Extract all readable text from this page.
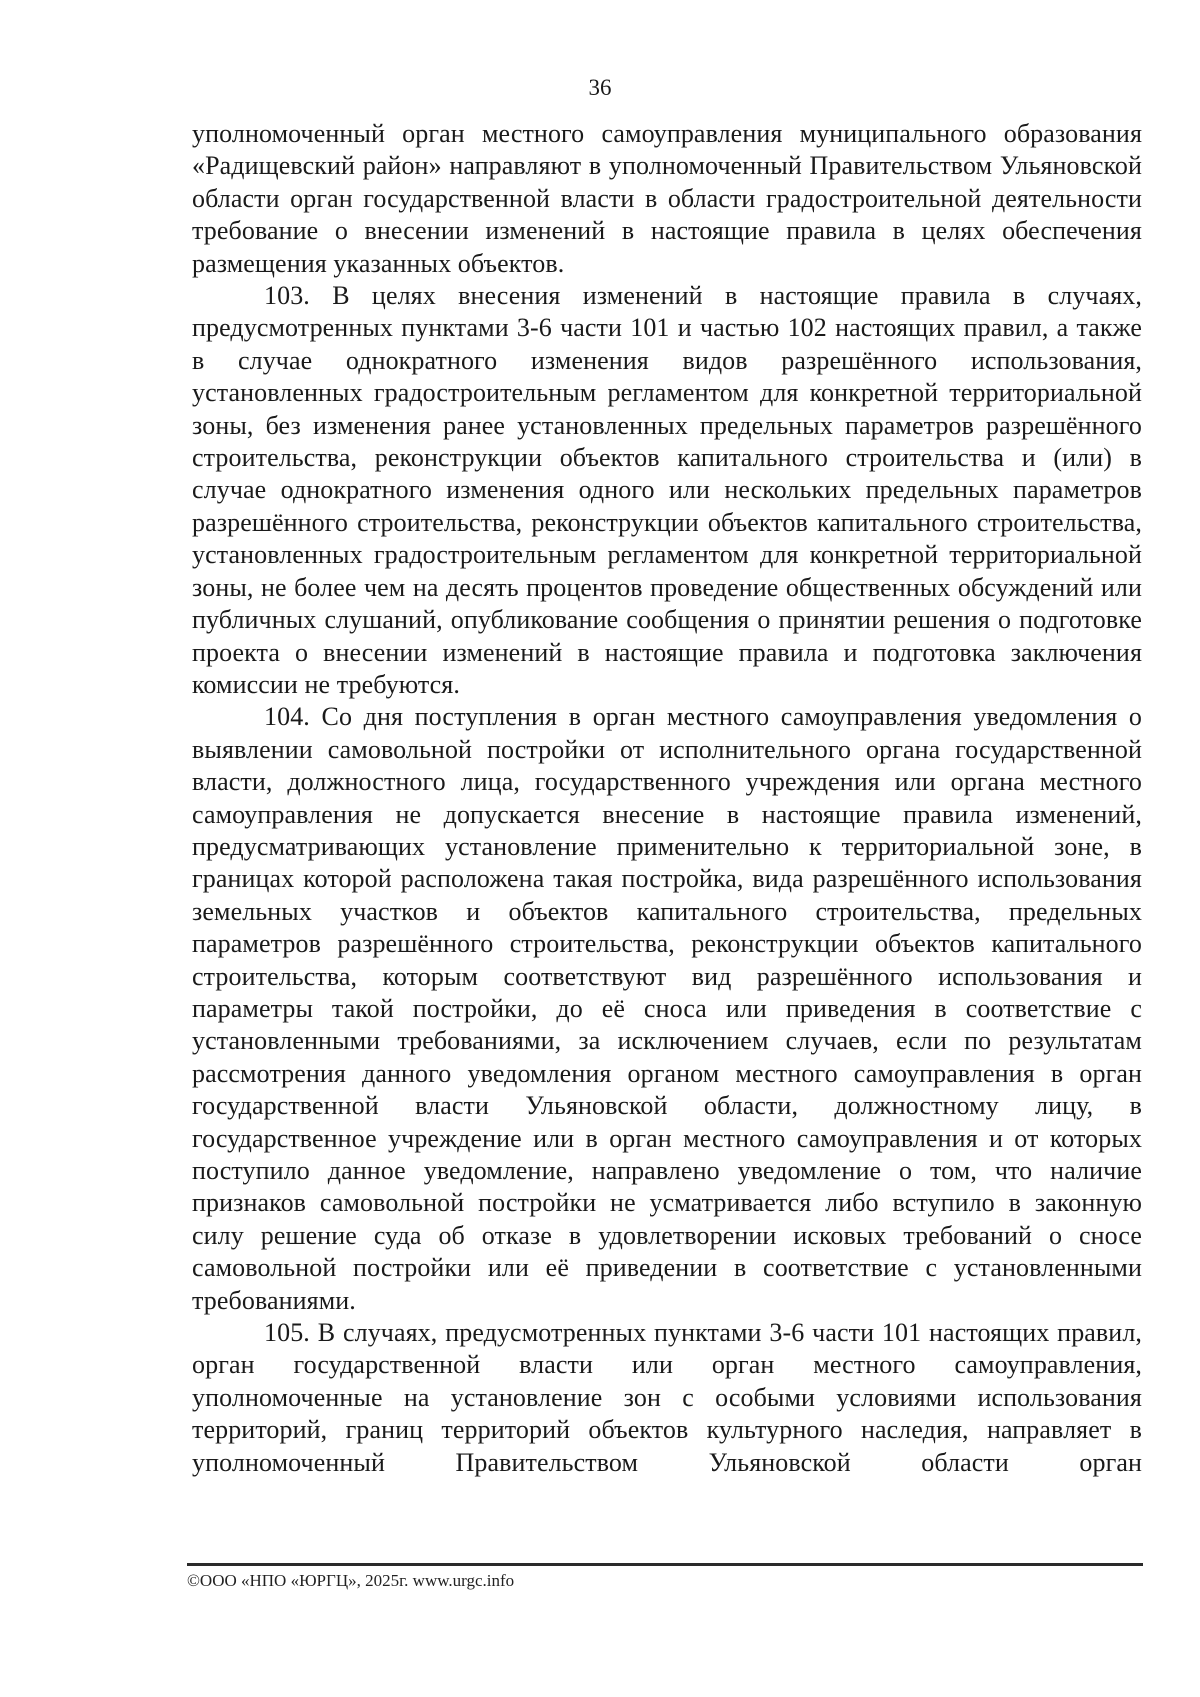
36

уполномоченный орган местного самоуправления муниципального образования «Радищевский район» направляют в уполномоченный Правительством Ульяновской области орган государственной власти в области градостроительной деятельности требование о внесении изменений в настоящие правила в целях обеспечения размещения указанных объектов.

103. В целях внесения изменений в настоящие правила в случаях, предусмотренных пунктами 3-6 части 101 и частью 102 настоящих правил, а также в случае однократного изменения видов разрешённого использования, установленных градостроительным регламентом для конкретной территориальной зоны, без изменения ранее установленных предельных параметров разрешённого строительства, реконструкции объектов капитального строительства и (или) в случае однократного изменения одного или нескольких предельных параметров разрешённого строительства, реконструкции объектов капитального строительства, установленных градостроительным регламентом для конкретной территориальной зоны, не более чем на десять процентов проведение общественных обсуждений или публичных слушаний, опубликование сообщения о принятии решения о подготовке проекта о внесении изменений в настоящие правила и подготовка заключения комиссии не требуются.

104. Со дня поступления в орган местного самоуправления уведомления о выявлении самовольной постройки от исполнительного органа государственной власти, должностного лица, государственного учреждения или органа местного самоуправления не допускается внесение в настоящие правила изменений, предусматривающих установление применительно к территориальной зоне, в границах которой расположена такая постройка, вида разрешённого использования земельных участков и объектов капитального строительства, предельных параметров разрешённого строительства, реконструкции объектов капитального строительства, которым соответствуют вид разрешённого использования и параметры такой постройки, до её сноса или приведения в соответствие с установленными требованиями, за исключением случаев, если по результатам рассмотрения данного уведомления органом местного самоуправления в орган государственной власти Ульяновской области, должностному лицу, в государственное учреждение или в орган местного самоуправления и от которых поступило данное уведомление, направлено уведомление о том, что наличие признаков самовольной постройки не усматривается либо вступило в законную силу решение суда об отказе в удовлетворении исковых требований о сносе самовольной постройки или её приведении в соответствие с установленными требованиями.

105. В случаях, предусмотренных пунктами 3-6 части 101 настоящих правил, орган государственной власти или орган местного самоуправления, уполномоченные на установление зон с особыми условиями использования территорий, границ территорий объектов культурного наследия, направляет в уполномоченный Правительством Ульяновской области орган

©ООО «НПО «ЮРГЦ», 2025г. www.urgc.info
